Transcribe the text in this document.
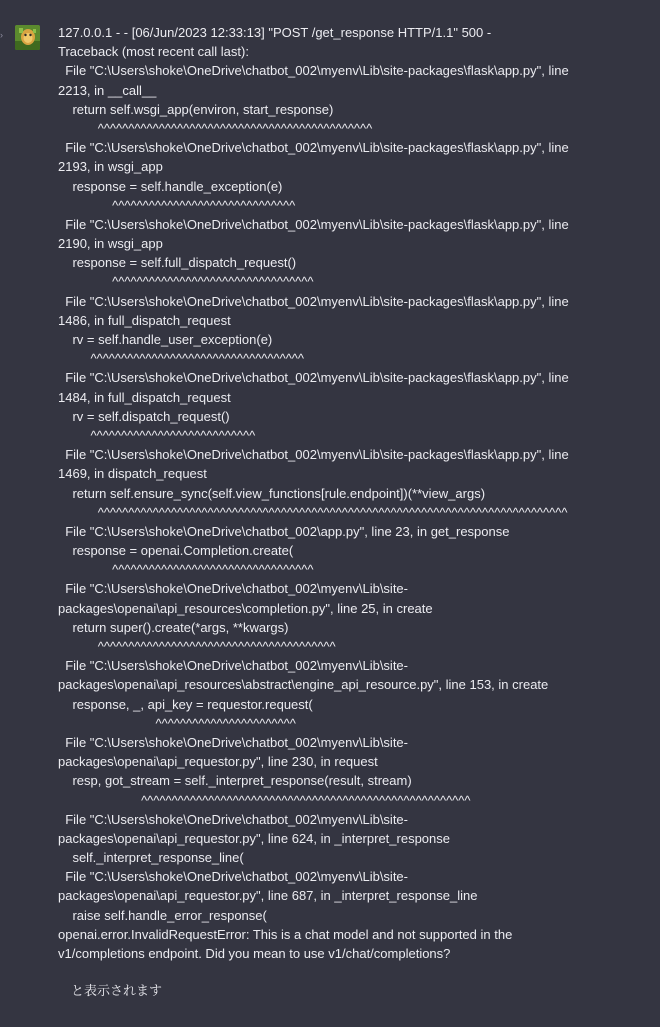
›	127.0.0.1 - - [06/Jun/2023 12:33:13] "POST /get_response HTTP/1.1" 500 -
Traceback (most recent call last):
File "C:\Users\shoke\OneDrive\chatbot_002\myenv\Lib\site-packages\flask\app.py", line
2213, in __call__
return self.wsgi_app(environ, start_response)
^^^^^^^^^^^^^^^^^^^^^^^^^^^^^^^^^^^^^^^^^^^^^
File "C:\Users\shoke\OneDrive\chatbot_002\myenv\Lib\site-packages\flask\app.py", line
2193, in wsgi_app
response = self.handle_exception(e)
^^^^^^^^^^^^^^^^^^^^^^^^^^^^^^
File "C:\Users\shoke\OneDrive\chatbot_002\myenv\Lib\site-packages\flask\app.py", line
2190, in wsgi_app
response = self.full_dispatch_request()
^^^^^^^^^^^^^^^^^^^^^^^^^^^^^^^^^
File "C:\Users\shoke\OneDrive\chatbot_002\myenv\Lib\site-packages\flask\app.py", line
1486, in full_dispatch_request
rv = self.handle_user_exception(e)
^^^^^^^^^^^^^^^^^^^^^^^^^^^^^^^^^^^
File "C:\Users\shoke\OneDrive\chatbot_002\myenv\Lib\site-packages\flask\app.py", line
1484, in full_dispatch_request
rv = self.dispatch_request()
^^^^^^^^^^^^^^^^^^^^^^^^^^^
File "C:\Users\shoke\OneDrive\chatbot_002\myenv\Lib\site-packages\flask\app.py", line
1469, in dispatch_request
return self.ensure_sync(self.view_functions[rule.endpoint])(**view_args)
^^^^^^^^^^^^^^^^^^^^^^^^^^^^^^^^^^^^^^^^^^^^^^^^^^^^^^^^^^^^^^^^^^^^^^^^^^^^^
File "C:\Users\shoke\OneDrive\chatbot_002\app.py", line 23, in get_response
response = openai.Completion.create(
^^^^^^^^^^^^^^^^^^^^^^^^^^^^^^^^^
File "C:\Users\shoke\OneDrive\chatbot_002\myenv\Lib\site-
packages\openai\api_resources\completion.py", line 25, in create
return super().create(*args, **kwargs)
^^^^^^^^^^^^^^^^^^^^^^^^^^^^^^^^^^^^^^^
File "C:\Users\shoke\OneDrive\chatbot_002\myenv\Lib\site-
packages\openai\api_resources\abstract\engine_api_resource.py", line 153, in create
response, _, api_key = requestor.request(
^^^^^^^^^^^^^^^^^^^^^^^
File "C:\Users\shoke\OneDrive\chatbot_002\myenv\Lib\site-
packages\openai\api_requestor.py", line 230, in request
resp, got_stream = self._interpret_response(result, stream)
^^^^^^^^^^^^^^^^^^^^^^^^^^^^^^^^^^^^^^^^^^^^^^^^^^^^^^
File "C:\Users\shoke\OneDrive\chatbot_002\myenv\Lib\site-
packages\openai\api_requestor.py", line 624, in _interpret_response
self._interpret_response_line(
File "C:\Users\shoke\OneDrive\chatbot_002\myenv\Lib\site-
packages\openai\api_requestor.py", line 687, in _interpret_response_line
raise self.handle_error_response(
openai.error.InvalidRequestError: This is a chat model and not supported in the
v1/completions endpoint. Did you mean to use v1/chat/completions?
と表示されます
